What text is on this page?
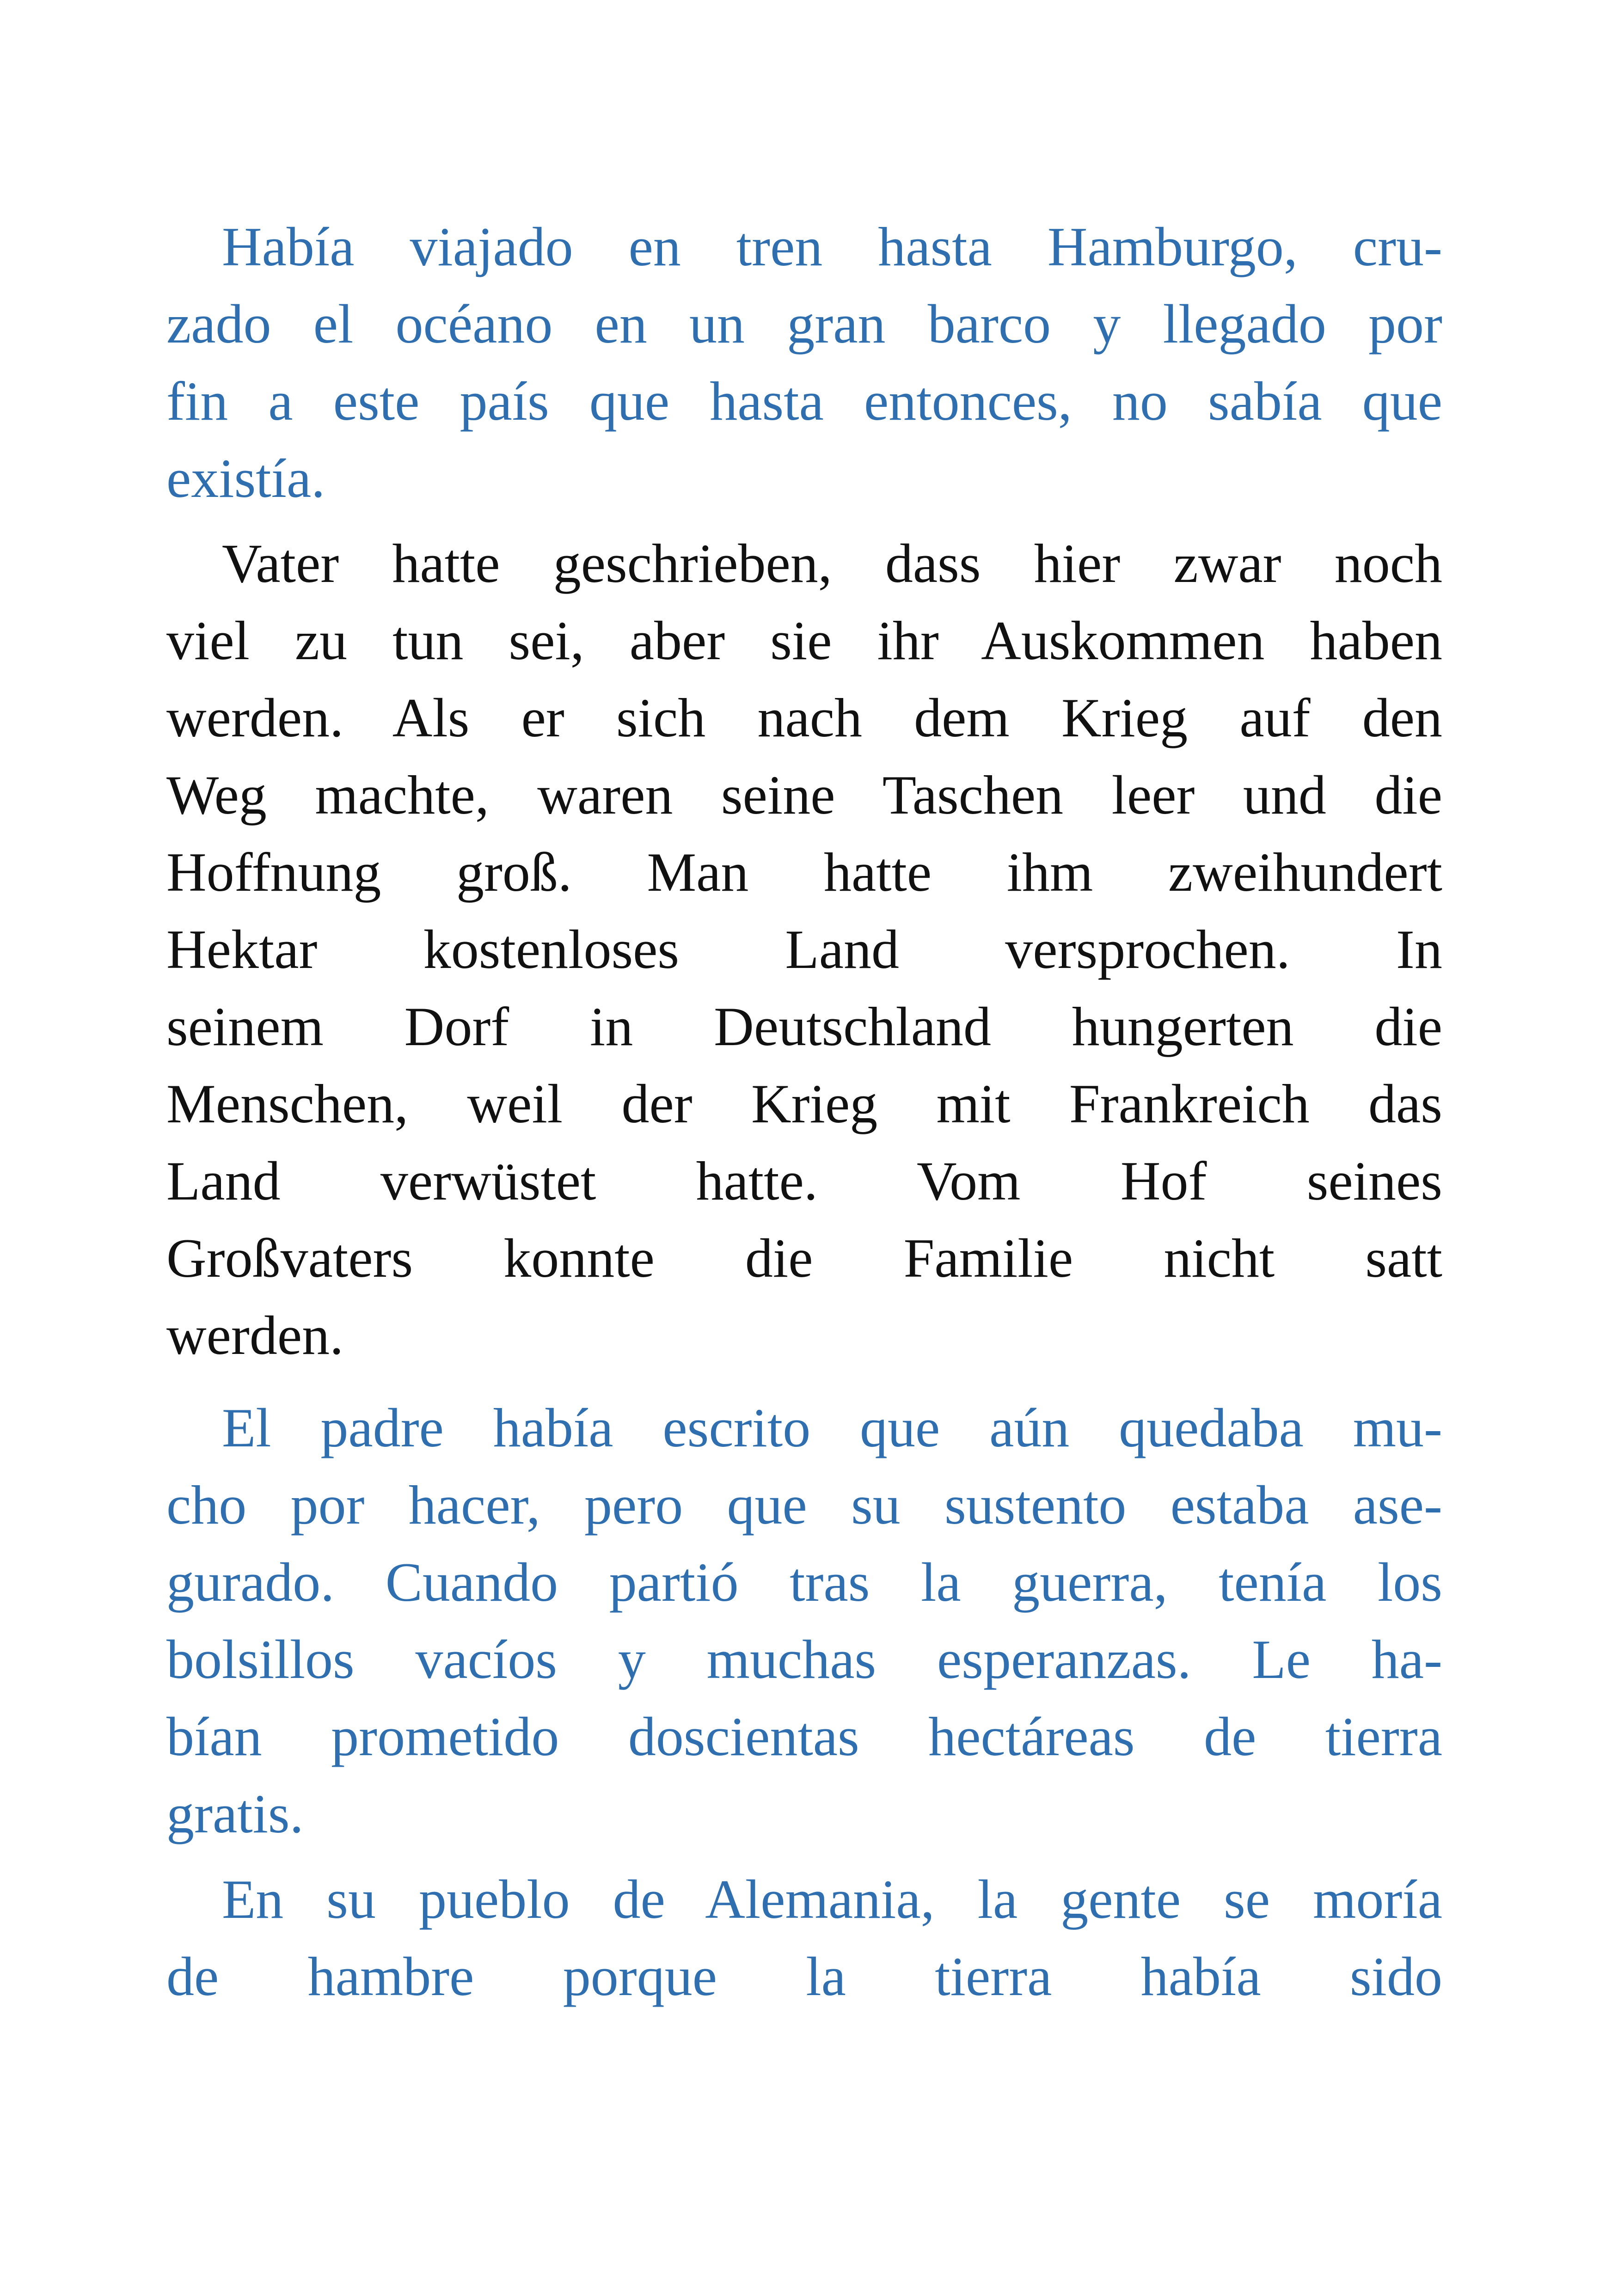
Había viajado en tren hasta Hamburgo, cru-
zado el océano en un gran barco y llegado por
fin a este país que hasta entonces, no sabía que
existía.
Vater hatte geschrieben, dass hier zwar noch
viel zu tun sei, aber sie ihr Auskommen haben
werden. Als er sich nach dem Krieg auf den
Weg machte, waren seine Taschen leer und die
Hoffnung groß. Man hatte ihm zweihundert
Hektar kostenloses Land versprochen. In
seinem Dorf in Deutschland hungerten die
Menschen, weil der Krieg mit Frankreich das
Land verwüstet hatte. Vom Hof seines
Großvaters konnte die Familie nicht satt
werden.
El padre había escrito que aún quedaba mu-
cho por hacer, pero que su sustento estaba ase-
gurado. Cuando partió tras la guerra, tenía los
bolsillos vacíos y muchas esperanzas. Le ha-
bían prometido doscientas hectáreas de tierra
gratis.
En su pueblo de Alemania, la gente se moría
de hambre porque la tierra había sido
